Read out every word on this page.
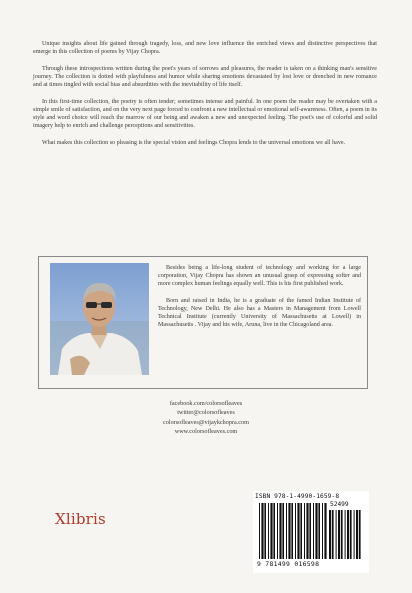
Unique insights about life gained through tragedy, loss, and new love influence the enriched views and distinctive perspectives that emerge in this collection of poems by Vijay Chopra.

Through these introspections written during the poet's years of sorrows and pleasures, the reader is taken on a thinking man's sensitive journey. The collection is dotted with playfulness and humor while sharing emotions devastated by lost love or drenched in new romance and at times tingled with social bias and absurdities with the inevitability of life itself.

In this first-time collection, the poetry is often tender; sometimes intense and painful. In one poem the reader may be overtaken with a simple smile of satisfaction, and on the very next page forced to confront a new intellectual or emotional self-awareness. Often, a poem in its style and word choice will reach the marrow of our being and awaken a new and unexpected feeling. The poet's use of colorful and solid imagery help to enrich and challenge perceptions and sensitivities.

What makes this collection so pleasing is the special vision and feelings Chopra lends to the universal emotions we all have.

Besides being a life-long student of technology and working for a large corporation, Vijay Chopra has shown an unusual grasp of expressing softer and more complex human feelings equally well. This is his first published work.

Born and raised in India, he is a graduate of the famed Indian Institute of Technology, New Delhi. He also has a Masters in Management from Lowell Technical Institute (currently University of Massachusetts at Lowell) in Massachusetts . Vijay and his wife, Aruna, live in the Chicagoland area.

facebook.com/colorsofleaves
twitter@colorsofleaves
colorsofleaves@vijaykchopra.com
www.colorsofleaves.com
Xlibris
ISBN 978-1-4990-1659-8
52499
9 781499 016598
